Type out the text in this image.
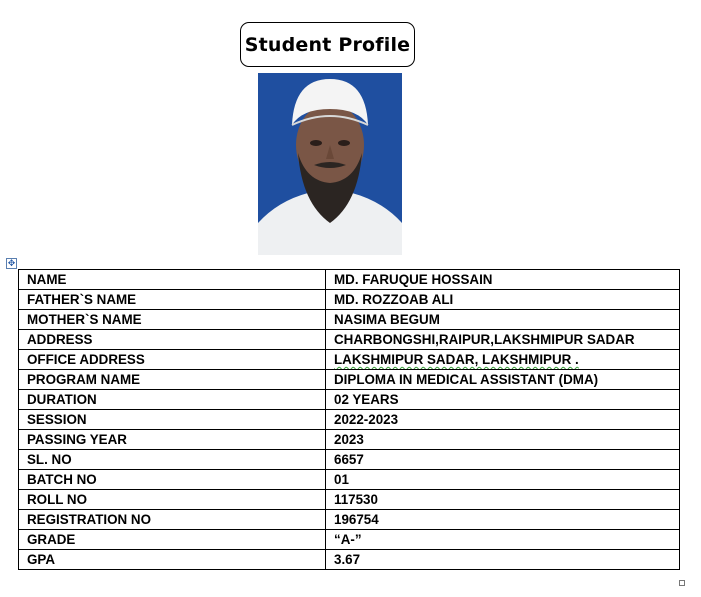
Student Profile
✥
NAME	MD. FARUQUE HOSSAIN
FATHER`S NAME	MD. ROZZOAB ALI
MOTHER`S NAME	NASIMA BEGUM
ADDRESS	CHARBONGSHI,RAIPUR,LAKSHMIPUR SADAR
OFFICE ADDRESS	LAKSHMIPUR SADAR, LAKSHMIPUR .
PROGRAM NAME	DIPLOMA IN MEDICAL ASSISTANT (DMA)
DURATION	02 YEARS
SESSION	2022-2023
PASSING YEAR	2023
SL. NO	6657
BATCH NO	01
ROLL NO	117530
REGISTRATION NO	196754
GRADE	“A-”
GPA	3.67
